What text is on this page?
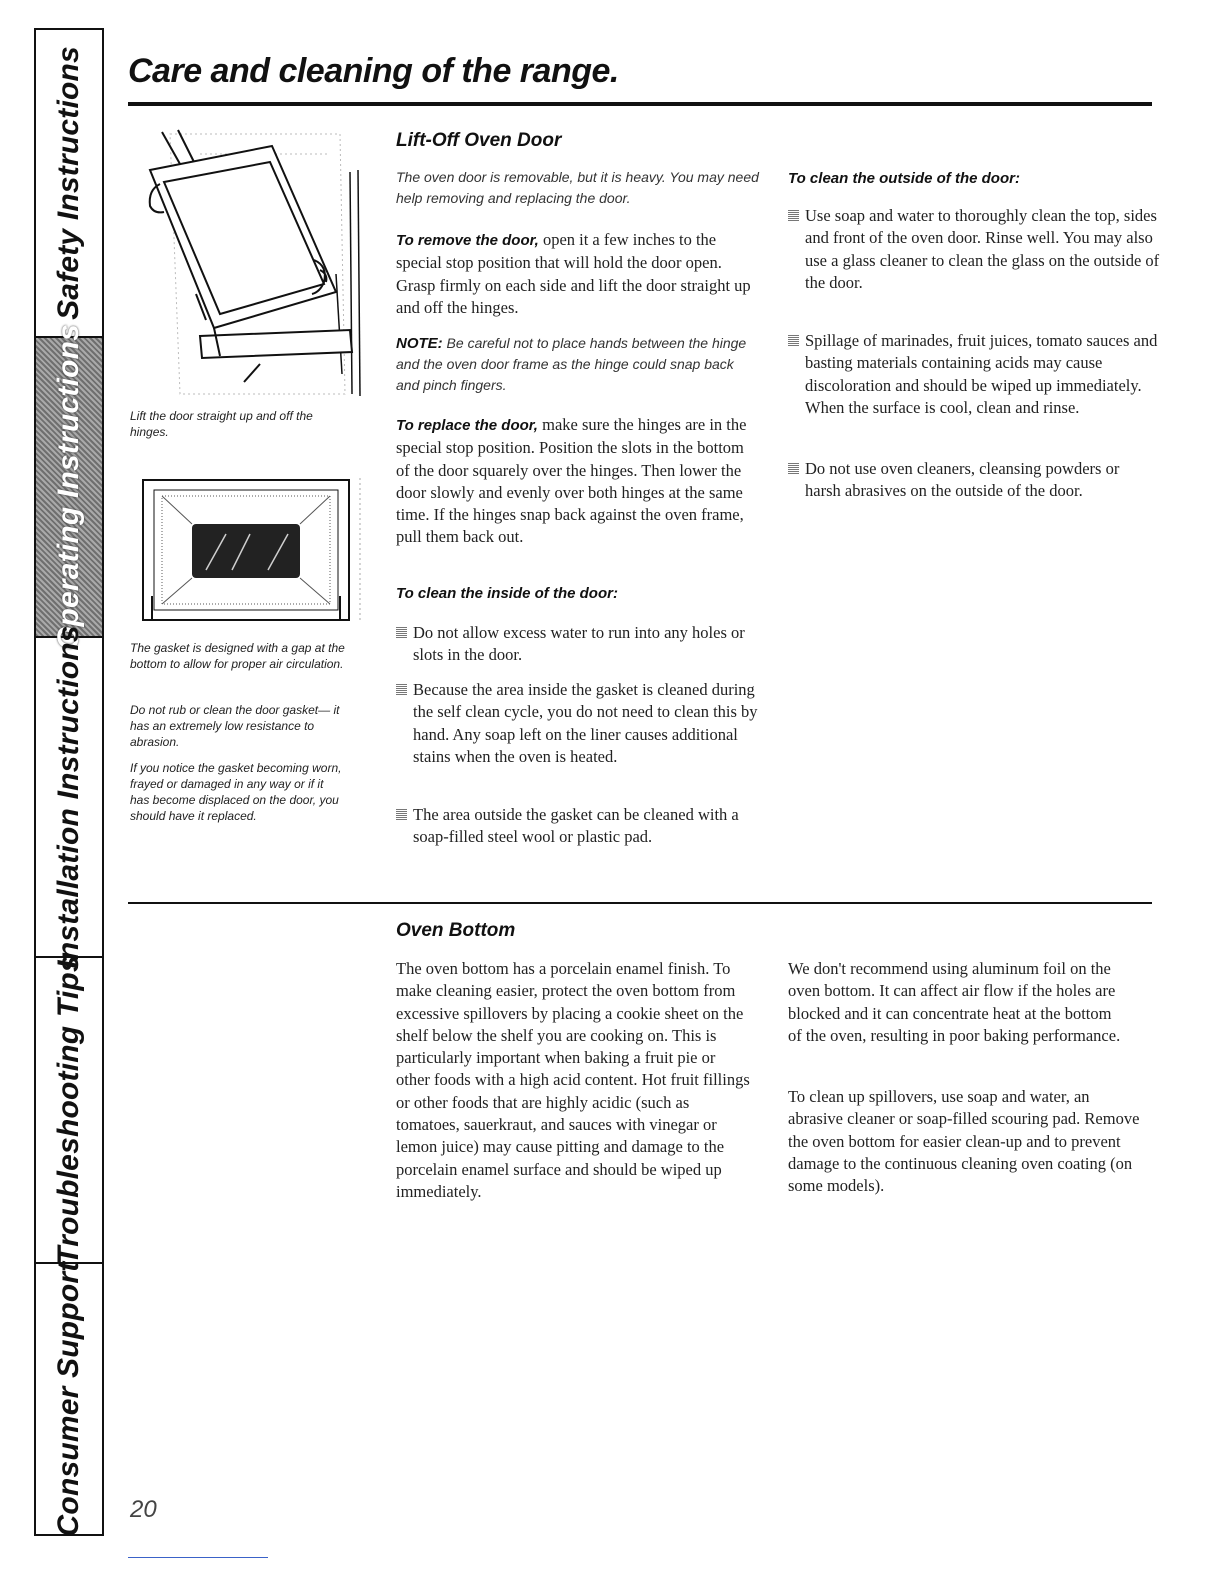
Safety Instructions
Operating Instructions
Installation Instructions
Troubleshooting Tips
Consumer Support
Care and cleaning of the range.

Lift the door straight up and off the hinges.

The gasket is designed with a gap at the bottom to allow for proper air circulation.

Do not rub or clean the door gasket— it has an extremely low resistance to abrasion.

If you notice the gasket becoming worn, frayed or damaged in any way or if it has become displaced on the door, you should have it replaced.

Lift-Off Oven Door

The oven door is removable, but it is heavy. You may need help removing and replacing the door.

To remove the door, open it a few inches to the special stop position that will hold the door open. Grasp firmly on each side and lift the door straight up and off the hinges.

NOTE: Be careful not to place hands between the hinge and the oven door frame as the hinge could snap back and pinch fingers.

To replace the door, make sure the hinges are in the special stop position. Position the slots in the bottom of the door squarely over the hinges. Then lower the door slowly and evenly over both hinges at the same time. If the hinges snap back against the oven frame, pull them back out.

To clean the inside of the door:

Do not allow excess water to run into any holes or slots in the door.

Because the area inside the gasket is cleaned during the self clean cycle, you do not need to clean this by hand. Any soap left on the liner causes additional stains when the oven is heated.

The area outside the gasket can be cleaned with a soap-filled steel wool or plastic pad.

To clean the outside of the door:

Use soap and water to thoroughly clean the top, sides and front of the oven door. Rinse well. You may also use a glass cleaner to clean the glass on the outside of the door.

Spillage of marinades, fruit juices, tomato sauces and basting materials containing acids may cause discoloration and should be wiped up immediately. When the surface is cool, clean and rinse.

Do not use oven cleaners, cleansing powders or harsh abrasives on the outside of the door.

Oven Bottom

The oven bottom has a porcelain enamel finish. To make cleaning easier, protect the oven bottom from excessive spillovers by placing a cookie sheet on the shelf below the shelf you are cooking on. This is particularly important when baking a fruit pie or other foods with a high acid content. Hot fruit fillings or other foods that are highly acidic (such as tomatoes, sauerkraut, and sauces with vinegar or lemon juice) may cause pitting and damage to the porcelain enamel surface and should be wiped up immediately.

We don't recommend using aluminum foil on the oven bottom. It can affect air flow if the holes are blocked and it can concentrate heat at the bottom of the oven, resulting in poor baking performance.

To clean up spillovers, use soap and water, an abrasive cleaner or soap-filled scouring pad. Remove the oven bottom for easier clean-up and to prevent damage to the continuous cleaning oven coating (on some models).

20
